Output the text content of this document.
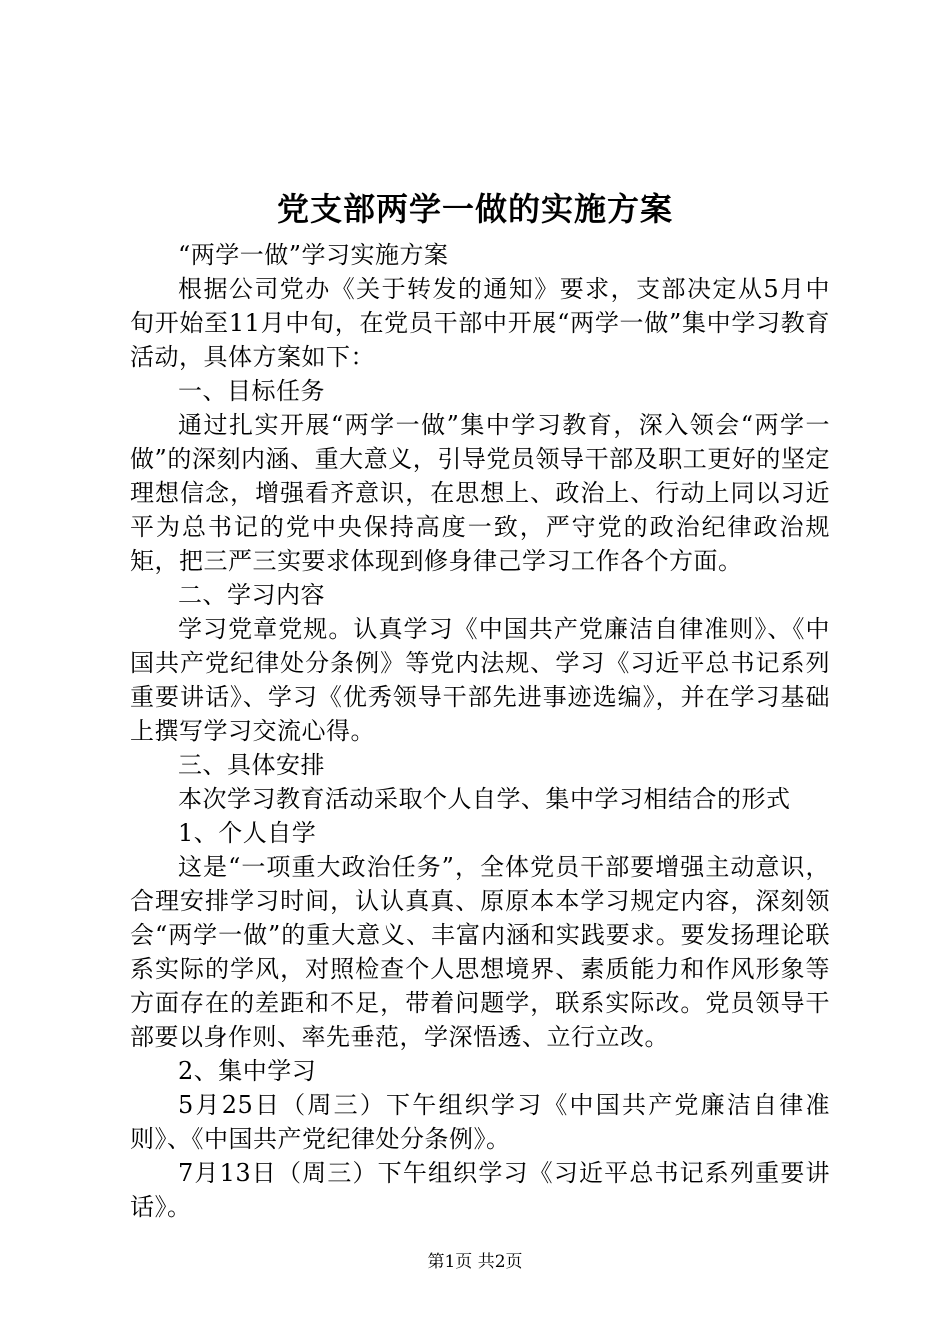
党支部两学一做的实施方案

“两学一做”学习实施方案

根据公司党办《关于转发的通知》要求，支部决定从5月中旬开始至11月中旬，在党员干部中开展“两学一做”集中学习教育活动，具体方案如下：

一、目标任务

通过扎实开展“两学一做”集中学习教育，深入领会“两学一做”的深刻内涵、重大意义，引导党员领导干部及职工更好的坚定理想信念，增强看齐意识，在思想上、政治上、行动上同以习近平为总书记的党中央保持高度一致，严守党的政治纪律政治规矩，把三严三实要求体现到修身律己学习工作各个方面。

二、学习内容

学习党章党规。认真学习《中国共产党廉洁自律准则》、《中国共产党纪律处分条例》等党内法规、学习《习近平总书记系列重要讲话》、学习《优秀领导干部先进事迹选编》，并在学习基础上撰写学习交流心得。

三、具体安排

本次学习教育活动采取个人自学、集中学习相结合的形式

1、个人自学

这是“一项重大政治任务”，全体党员干部要增强主动意识，合理安排学习时间，认认真真、原原本本学习规定内容，深刻领会“两学一做”的重大意义、丰富内涵和实践要求。要发扬理论联系实际的学风，对照检查个人思想境界、素质能力和作风形象等方面存在的差距和不足，带着问题学，联系实际改。党员领导干部要以身作则、率先垂范，学深悟透、立行立改。

2、集中学习

5月25日（周三）下午组织学习《中国共产党廉洁自律准则》、《中国共产党纪律处分条例》。

7月13日（周三）下午组织学习《习近平总书记系列重要讲话》。

第1页 共2页
